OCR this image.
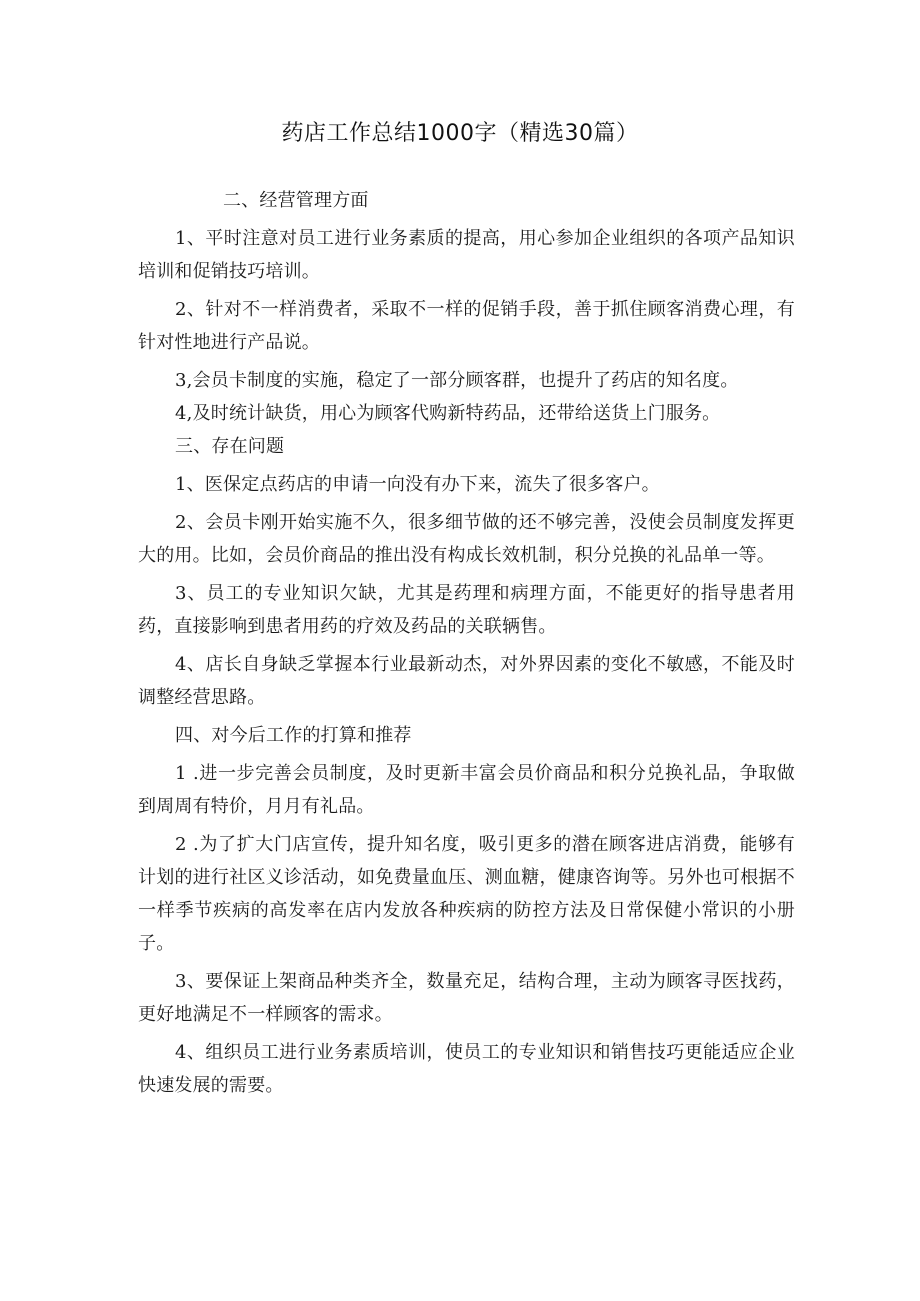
药店工作总结1000字（精选30篇）

二、经营管理方面

1、平时注意对员工进行业务素质的提高，用心参加企业组织的各项产品知识培训和促销技巧培训。

2、针对不一样消费者，采取不一样的促销手段，善于抓住顾客消费心理，有针对性地进行产品说。

3,会员卡制度的实施，稳定了一部分顾客群，也提升了药店的知名度。

4,及时统计缺货，用心为顾客代购新特药品，还带给送货上门服务。

三、存在问题

1、医保定点药店的申请一向没有办下来，流失了很多客户。

2、会员卡刚开始实施不久，很多细节做的还不够完善，没使会员制度发挥更大的用。比如，会员价商品的推出没有构成长效机制，积分兑换的礼品单一等。

3、员工的专业知识欠缺，尤其是药理和病理方面，不能更好的指导患者用药，直接影响到患者用药的疗效及药品的关联辆售。

4、店长自身缺乏掌握本行业最新动杰，对外界因素的变化不敏感，不能及时调整经营思路。

四、对今后工作的打算和推荐

1 .进一步完善会员制度，及时更新丰富会员价商品和积分兑换礼品，争取做到周周有特价，月月有礼品。

2 .为了扩大门店宣传，提升知名度，吸引更多的潜在顾客进店消费，能够有计划的进行社区义诊活动，如免费量血压、测血糖，健康咨询等。另外也可根据不一样季节疾病的高发率在店内发放各种疾病的防控方法及日常保健小常识的小册子。

3、要保证上架商品种类齐全，数量充足，结构合理，主动为顾客寻医找药，更好地满足不一样顾客的需求。

4、组织员工进行业务素质培训，使员工的专业知识和销售技巧更能适应企业快速发展的需要。
